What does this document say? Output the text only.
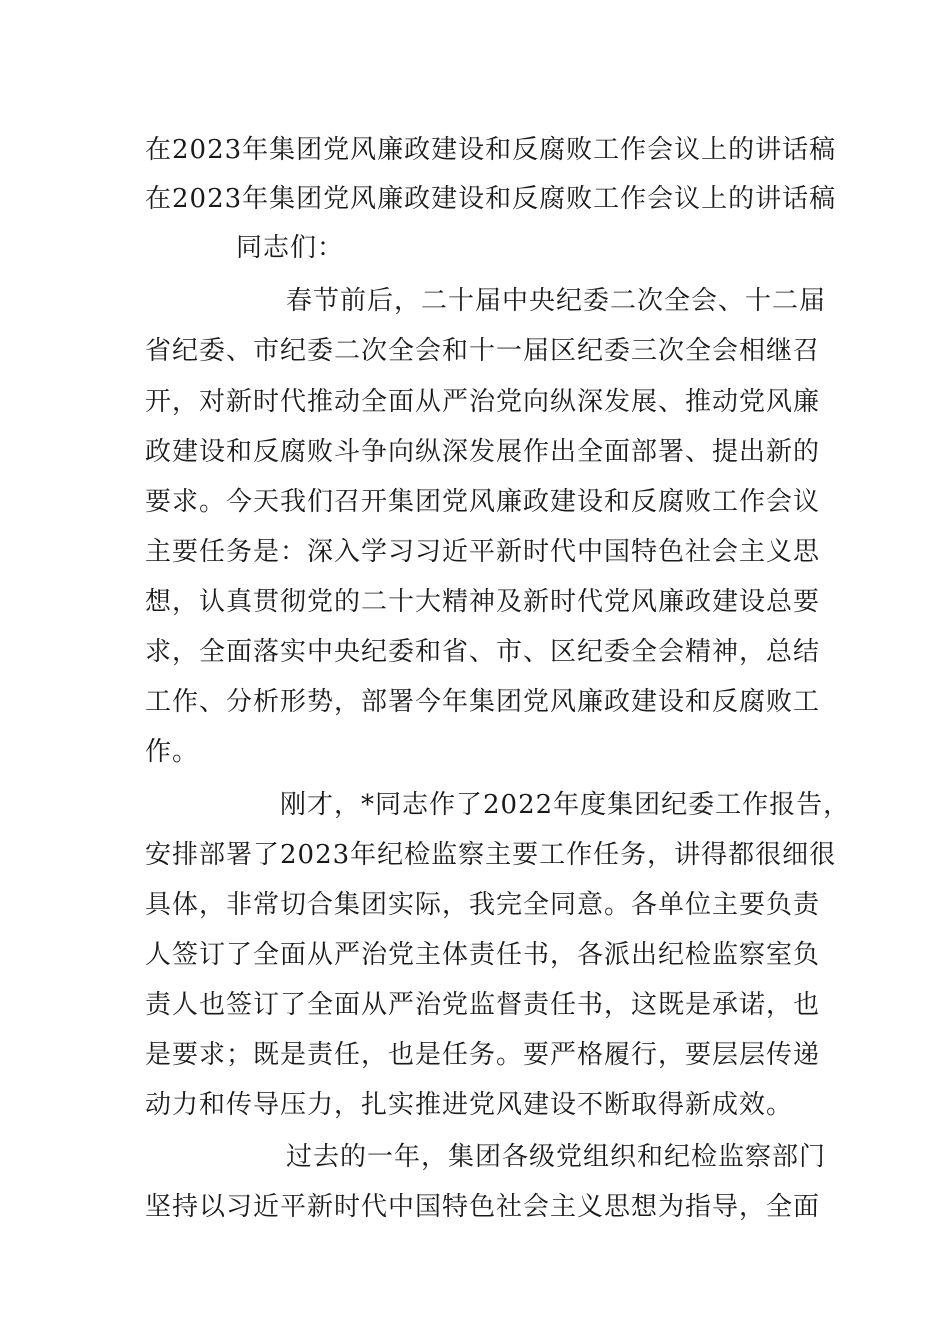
在2023年集团党风廉政建设和反腐败工作会议上的讲话稿
在2023年集团党风廉政建设和反腐败工作会议上的讲话稿
同志们：
春节前后，二十届中央纪委二次全会、十二届
省纪委、市纪委二次全会和十一届区纪委三次全会相继召
开，对新时代推动全面从严治党向纵深发展、推动党风廉
政建设和反腐败斗争向纵深发展作出全面部署、提出新的
要求。今天我们召开集团党风廉政建设和反腐败工作会议
主要任务是：深入学习习近平新时代中国特色社会主义思
想，认真贯彻党的二十大精神及新时代党风廉政建设总要
求，全面落实中央纪委和省、市、区纪委全会精神，总结
工作、分析形势，部署今年集团党风廉政建设和反腐败工
作。
刚才，*同志作了2022年度集团纪委工作报告，
安排部署了2023年纪检监察主要工作任务，讲得都很细很
具体，非常切合集团实际，我完全同意。各单位主要负责
人签订了全面从严治党主体责任书，各派出纪检监察室负
责人也签订了全面从严治党监督责任书，这既是承诺，也
是要求；既是责任，也是任务。要严格履行，要层层传递
动力和传导压力，扎实推进党风建设不断取得新成效。
过去的一年，集团各级党组织和纪检监察部门
坚持以习近平新时代中国特色社会主义思想为指导，全面
